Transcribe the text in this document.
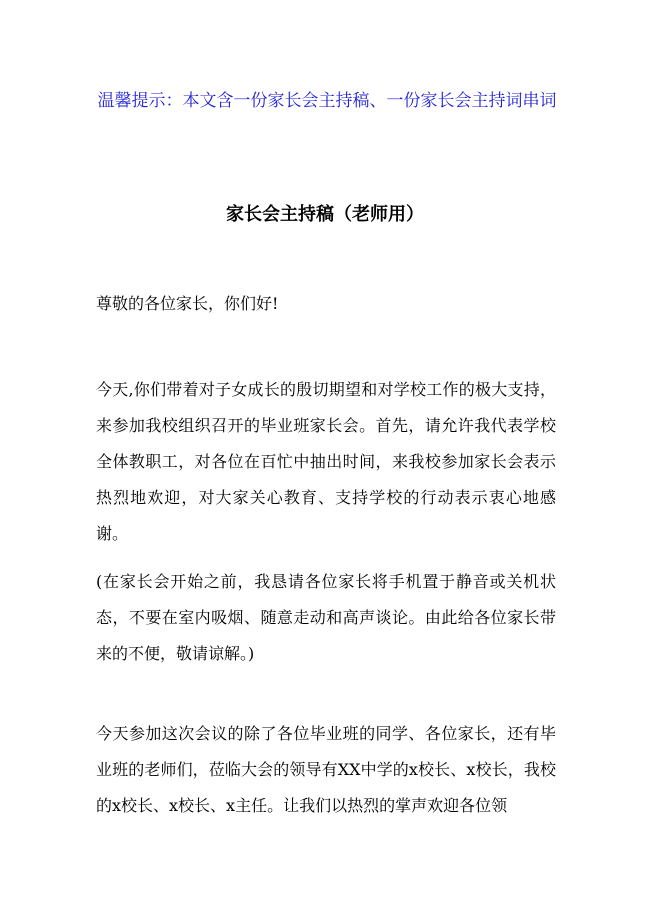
温馨提示：本文含一份家长会主持稿、一份家长会主持词串词
家长会主持稿（老师用）
尊敬的各位家长，你们好!
今天,你们带着对子女成长的殷切期望和对学校工作的极大支持，来参加我校组织召开的毕业班家长会。首先，请允许我代表学校全体教职工，对各位在百忙中抽出时间，来我校参加家长会表示热烈地欢迎，对大家关心教育、支持学校的行动表示衷心地感谢。
(在家长会开始之前，我恳请各位家长将手机置于静音或关机状态，不要在室内吸烟、随意走动和高声谈论。由此给各位家长带来的不便，敬请谅解。)
今天参加这次会议的除了各位毕业班的同学、各位家长，还有毕业班的老师们，莅临大会的领导有XX中学的x校长、x校长，我校的x校长、x校长、x主任。让我们以热烈的掌声欢迎各位领
